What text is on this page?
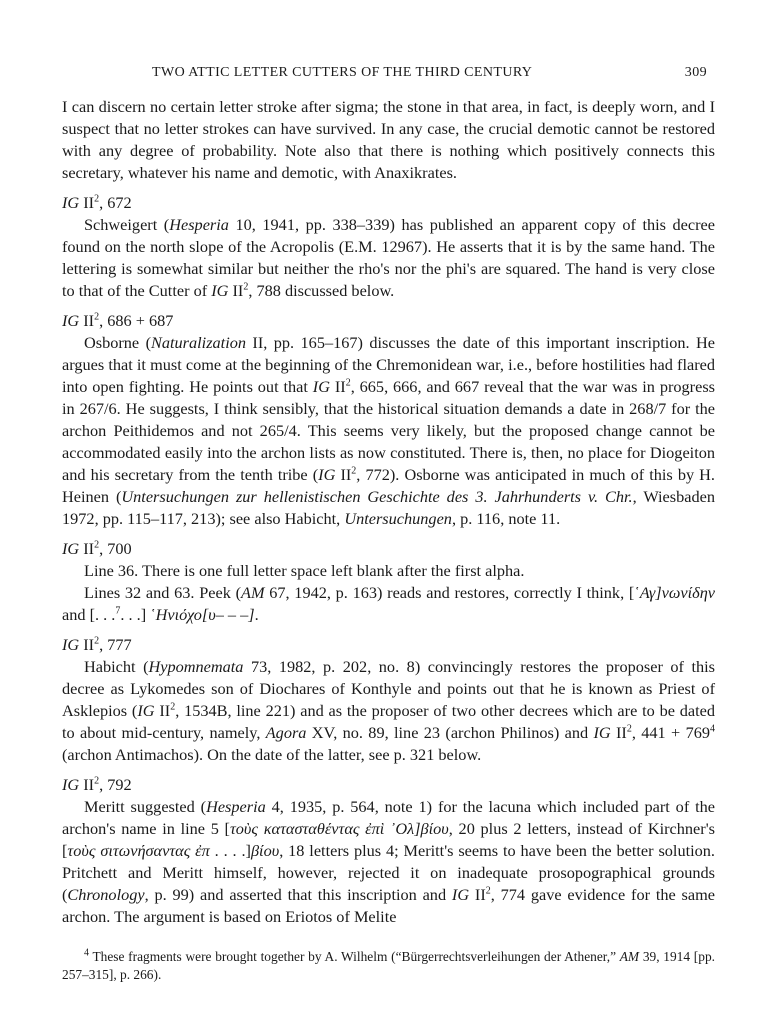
TWO ATTIC LETTER CUTTERS OF THE THIRD CENTURY	309

I can discern no certain letter stroke after sigma; the stone in that area, in fact, is deeply worn, and I suspect that no letter strokes can have survived. In any case, the crucial demotic cannot be restored with any degree of probability. Note also that there is nothing which positively connects this secretary, whatever his name and demotic, with Anaxikrates.

IG $II^2$, 672

Schweigert (Hesperia 10, 1941, pp. 338–339) has published an apparent copy of this decree found on the north slope of the Acropolis (E.M. 12967). He asserts that it is by the same hand. The lettering is somewhat similar but neither the rho's nor the phi's are squared. The hand is very close to that of the Cutter of IG $II^2$, 788 discussed below.

IG $II^2$, 686 + 687

Osborne (Naturalization II, pp. 165–167) discusses the date of this important inscription. He argues that it must come at the beginning of the Chremonidean war, i.e., before hostilities had flared into open fighting. He points out that IG $II^2$, 665, 666, and 667 reveal that the war was in progress in 267/6. He suggests, I think sensibly, that the historical situation demands a date in 268/7 for the archon Peithidemos and not 265/4. This seems very likely, but the proposed change cannot be accommodated easily into the archon lists as now constituted. There is, then, no place for Diogeiton and his secretary from the tenth tribe (IG $II^2$, 772). Osborne was anticipated in much of this by H. Heinen (Untersuchungen zur hellenistischen Geschichte des 3. Jahrhunderts v. Chr., Wiesbaden 1972, pp. 115–117, 213); see also Habicht, Untersuchungen, p. 116, note 11.

IG $II^2$, 700

Line 36. There is one full letter space left blank after the first alpha.

Lines 32 and 63. Peek (AM 67, 1942, p. 163) reads and restores, correctly I think, [῾Αγ]νωνίδην and [. . .$^7$. . .] ῾Ηνιόχο[υ– – –].

IG $II^2$, 777

Habicht (Hypomnemata 73, 1982, p. 202, no. 8) convincingly restores the proposer of this decree as Lykomedes son of Diochares of Konthyle and points out that he is known as Priest of Asklepios (IG $II^2$, 1534B, line 221) and as the proposer of two other decrees which are to be dated to about mid-century, namely, Agora XV, no. 89, line 23 (archon Philinos) and IG $II^2$, $441 + 769^4$ (archon Antimachos). On the date of the latter, see p. 321 below.

IG $II^2$, 792

Meritt suggested (Hesperia 4, 1935, p. 564, note 1) for the lacuna which included part of the archon's name in line 5 [τοὺς κατασταθέντας ἐπὶ ᾿Ολ]βίου, 20 plus 2 letters, instead of Kirchner's [τοὺς σιτωνήσαντας ἐπ . . . .]βίου, 18 letters plus 4; Meritt's seems to have been the better solution. Pritchett and Meritt himself, however, rejected it on inadequate prosopographical grounds (Chronology, p. 99) and asserted that this inscription and IG $II^2$, 774 gave evidence for the same archon. The argument is based on Eriotos of Melite

$^4$ These fragments were brought together by A. Wilhelm (“Bürgerrechtsverleihungen der Athener,” AM 39, 1914 [pp. 257–315], p. 266).
